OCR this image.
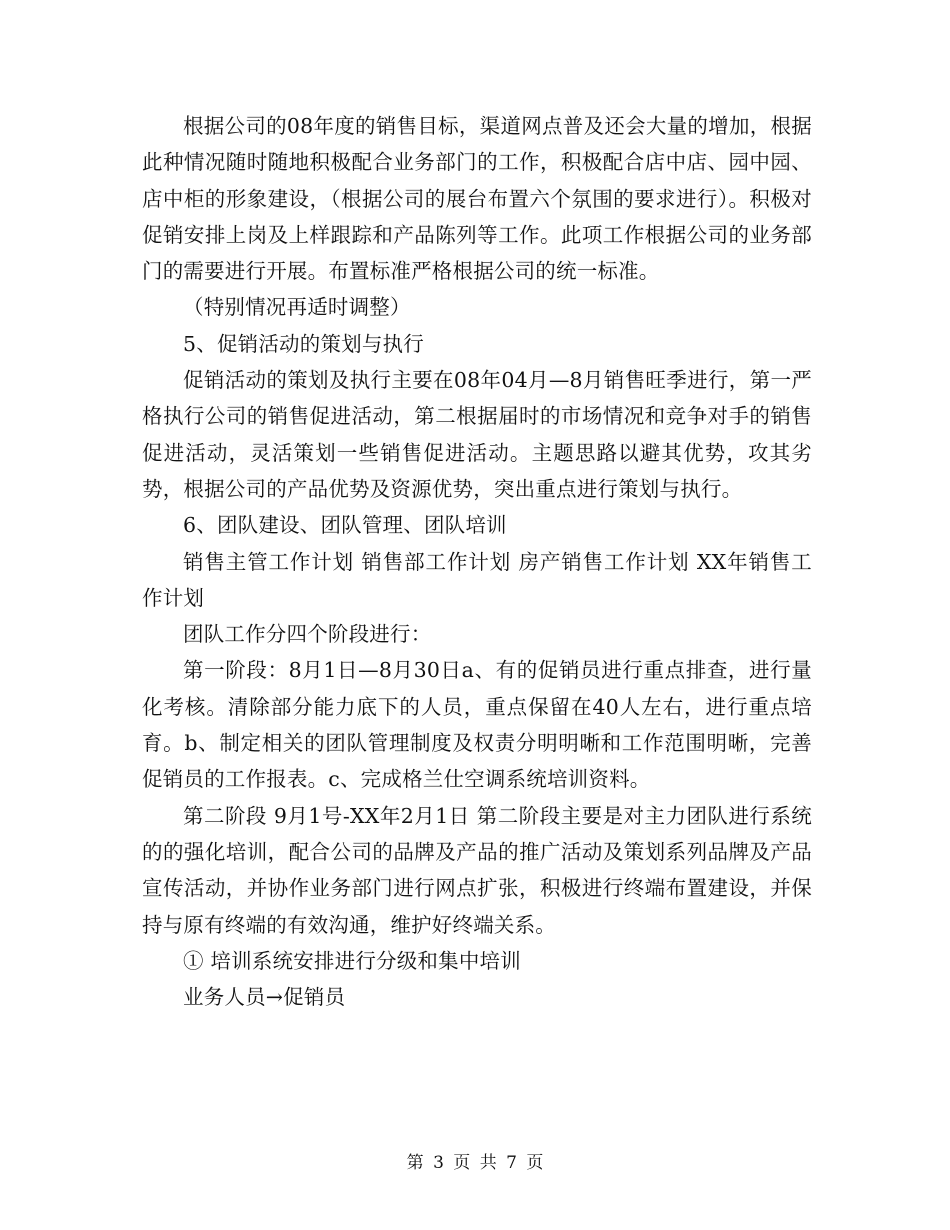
根据公司的08年度的销售目标，渠道网点普及还会大量的增加，根据此种情况随时随地积极配合业务部门的工作，积极配合店中店、园中园、店中柜的形象建设，（根据公司的展台布置六个氛围的要求进行）。积极对促销安排上岗及上样跟踪和产品陈列等工作。此项工作根据公司的业务部门的需要进行开展。布置标准严格根据公司的统一标准。

（特别情况再适时调整）

5、促销活动的策划与执行

促销活动的策划及执行主要在08年04月—8月销售旺季进行，第一严格执行公司的销售促进活动，第二根据届时的市场情况和竞争对手的销售促进活动，灵活策划一些销售促进活动。主题思路以避其优势，攻其劣势，根据公司的产品优势及资源优势，突出重点进行策划与执行。

6、团队建设、团队管理、团队培训

销售主管工作计划 销售部工作计划 房产销售工作计划 XX年销售工作计划

团队工作分四个阶段进行：

第一阶段：8月1日—8月30日a、有的促销员进行重点排查，进行量化考核。清除部分能力底下的人员，重点保留在40人左右，进行重点培育。b、制定相关的团队管理制度及权责分明明晰和工作范围明晰，完善促销员的工作报表。c、完成格兰仕空调系统培训资料。

第二阶段 9月1号-XX年2月1日 第二阶段主要是对主力团队进行系统的的强化培训，配合公司的品牌及产品的推广活动及策划系列品牌及产品宣传活动，并协作业务部门进行网点扩张，积极进行终端布置建设，并保持与原有终端的有效沟通，维护好终端关系。

① 培训系统安排进行分级和集中培训

业务人员→促销员

第 3 页 共 7 页
